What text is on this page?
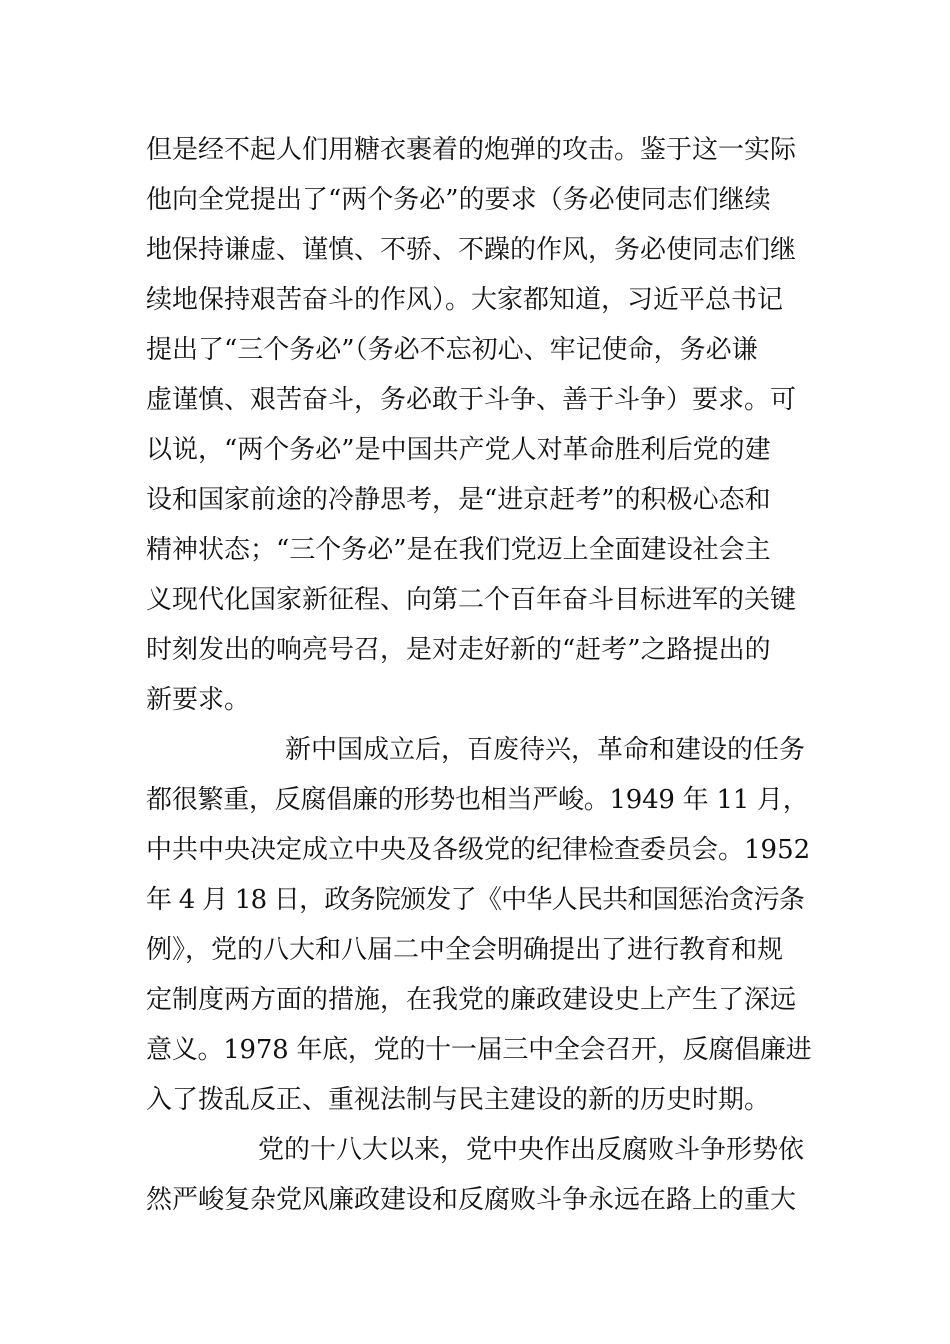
但是经不起人们用糖衣裹着的炮弹的攻击。鉴于这一实际
他向全党提出了“两个务必”的要求（务必使同志们继续
地保持谦虚、谨慎、不骄、不躁的作风，务必使同志们继
续地保持艰苦奋斗的作风）。大家都知道，习近平总书记
提出了“三个务必”（务必不忘初心、牢记使命，务必谦
虚谨慎、艰苦奋斗，务必敢于斗争、善于斗争）要求。可
以说，“两个务必”是中国共产党人对革命胜利后党的建
设和国家前途的冷静思考，是“进京赶考”的积极心态和
精神状态；“三个务必”是在我们党迈上全面建设社会主
义现代化国家新征程、向第二个百年奋斗目标进军的关键
时刻发出的响亮号召，是对走好新的“赶考”之路提出的
新要求。
新中国成立后，百废待兴，革命和建设的任务
都很繁重，反腐倡廉的形势也相当严峻。1949 年 11 月，
中共中央决定成立中央及各级党的纪律检查委员会。1952
年 4 月 18 日，政务院颁发了《中华人民共和国惩治贪污条
例》，党的八大和八届二中全会明确提出了进行教育和规
定制度两方面的措施，在我党的廉政建设史上产生了深远
意义。1978 年底，党的十一届三中全会召开，反腐倡廉进
入了拨乱反正、重视法制与民主建设的新的历史时期。
党的十八大以来，党中央作出反腐败斗争形势依
然严峻复杂党风廉政建设和反腐败斗争永远在路上的重大
